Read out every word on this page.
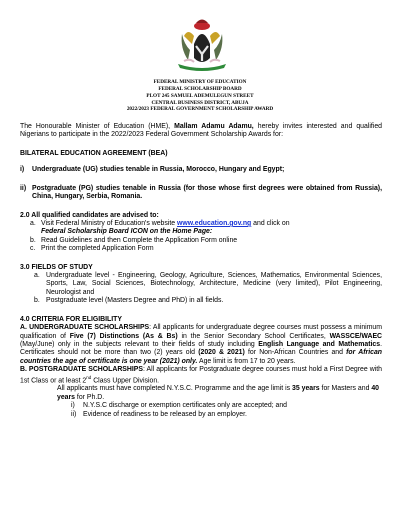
FEDERAL MINISTRY OF EDUCATION
FEDERAL SCHOLARSHIP BOARD
PLOT 245 SAMUEL ADEMULEGUN STREET
CENTRAL BUSINESS DISTRICT, ABUJA
2022/2023 FEDERAL GOVERNMENT SCHOLARSHIP AWARD

The Honourable Minister of Education (HME), Mallam Adamu Adamu, hereby invites interested and qualified Nigerians to participate in the 2022/2023 Federal Government Scholarship Awards for:

BILATERAL EDUCATION AGREEMENT (BEA)

i)	Undergraduate (UG) studies tenable in Russia, Morocco, Hungary and Egypt;
ii) Postgraduate (PG) studies tenable in Russia (for those whose first degrees were obtained from Russia), China, Hungary, Serbia, Romania.

2.0 All qualified candidates are advised to:

a. Visit Federal Ministry of Education's website www.education.gov.ng and click on
Federal Scholarship Board ICON on the Home Page:
b. Read Guidelines and then Complete the Application Form online
c. Print the completed Application Form

3.0 FIELDS OF STUDY

a. Undergraduate level - Engineering, Geology, Agriculture, Sciences, Mathematics, Environmental Sciences, Sports, Law, Social Sciences, Biotechnology, Architecture, Medicine (very limited), Pilot Engineering, Neurologist and
b. Postgraduate level (Masters Degree and PhD) in all fields.

4.0 CRITERIA FOR ELIGIBILITY

A. UNDERGRADUATE SCHOLARSHIPS: All applicants for undergraduate degree courses must possess a minimum qualification of Five (7) Distinctions (As & Bs) in the Senior Secondary School Certificates, WASSCE/WAEC (May/June) only in the subjects relevant to their fields of study including English Language and Mathematics. Certificates should not be more than two (2) years old (2020 & 2021) for Non-African Countries and for African countries the age of certificate is one year (2021) only. Age limit is from 17 to 20 years.

B. POSTGRADUATE SCHOLARSHIPS: All applicants for Postgraduate degree courses must hold a First Degree with 1st Class or at least 2nd Class Upper Division.

All applicants must have completed N.Y.S.C. Programme and the age limit is 35 years for Masters and 40 years for Ph.D.

i)	N.Y.S.C discharge or exemption certificates only are accepted; and
ii) Evidence of readiness to be released by an employer.
